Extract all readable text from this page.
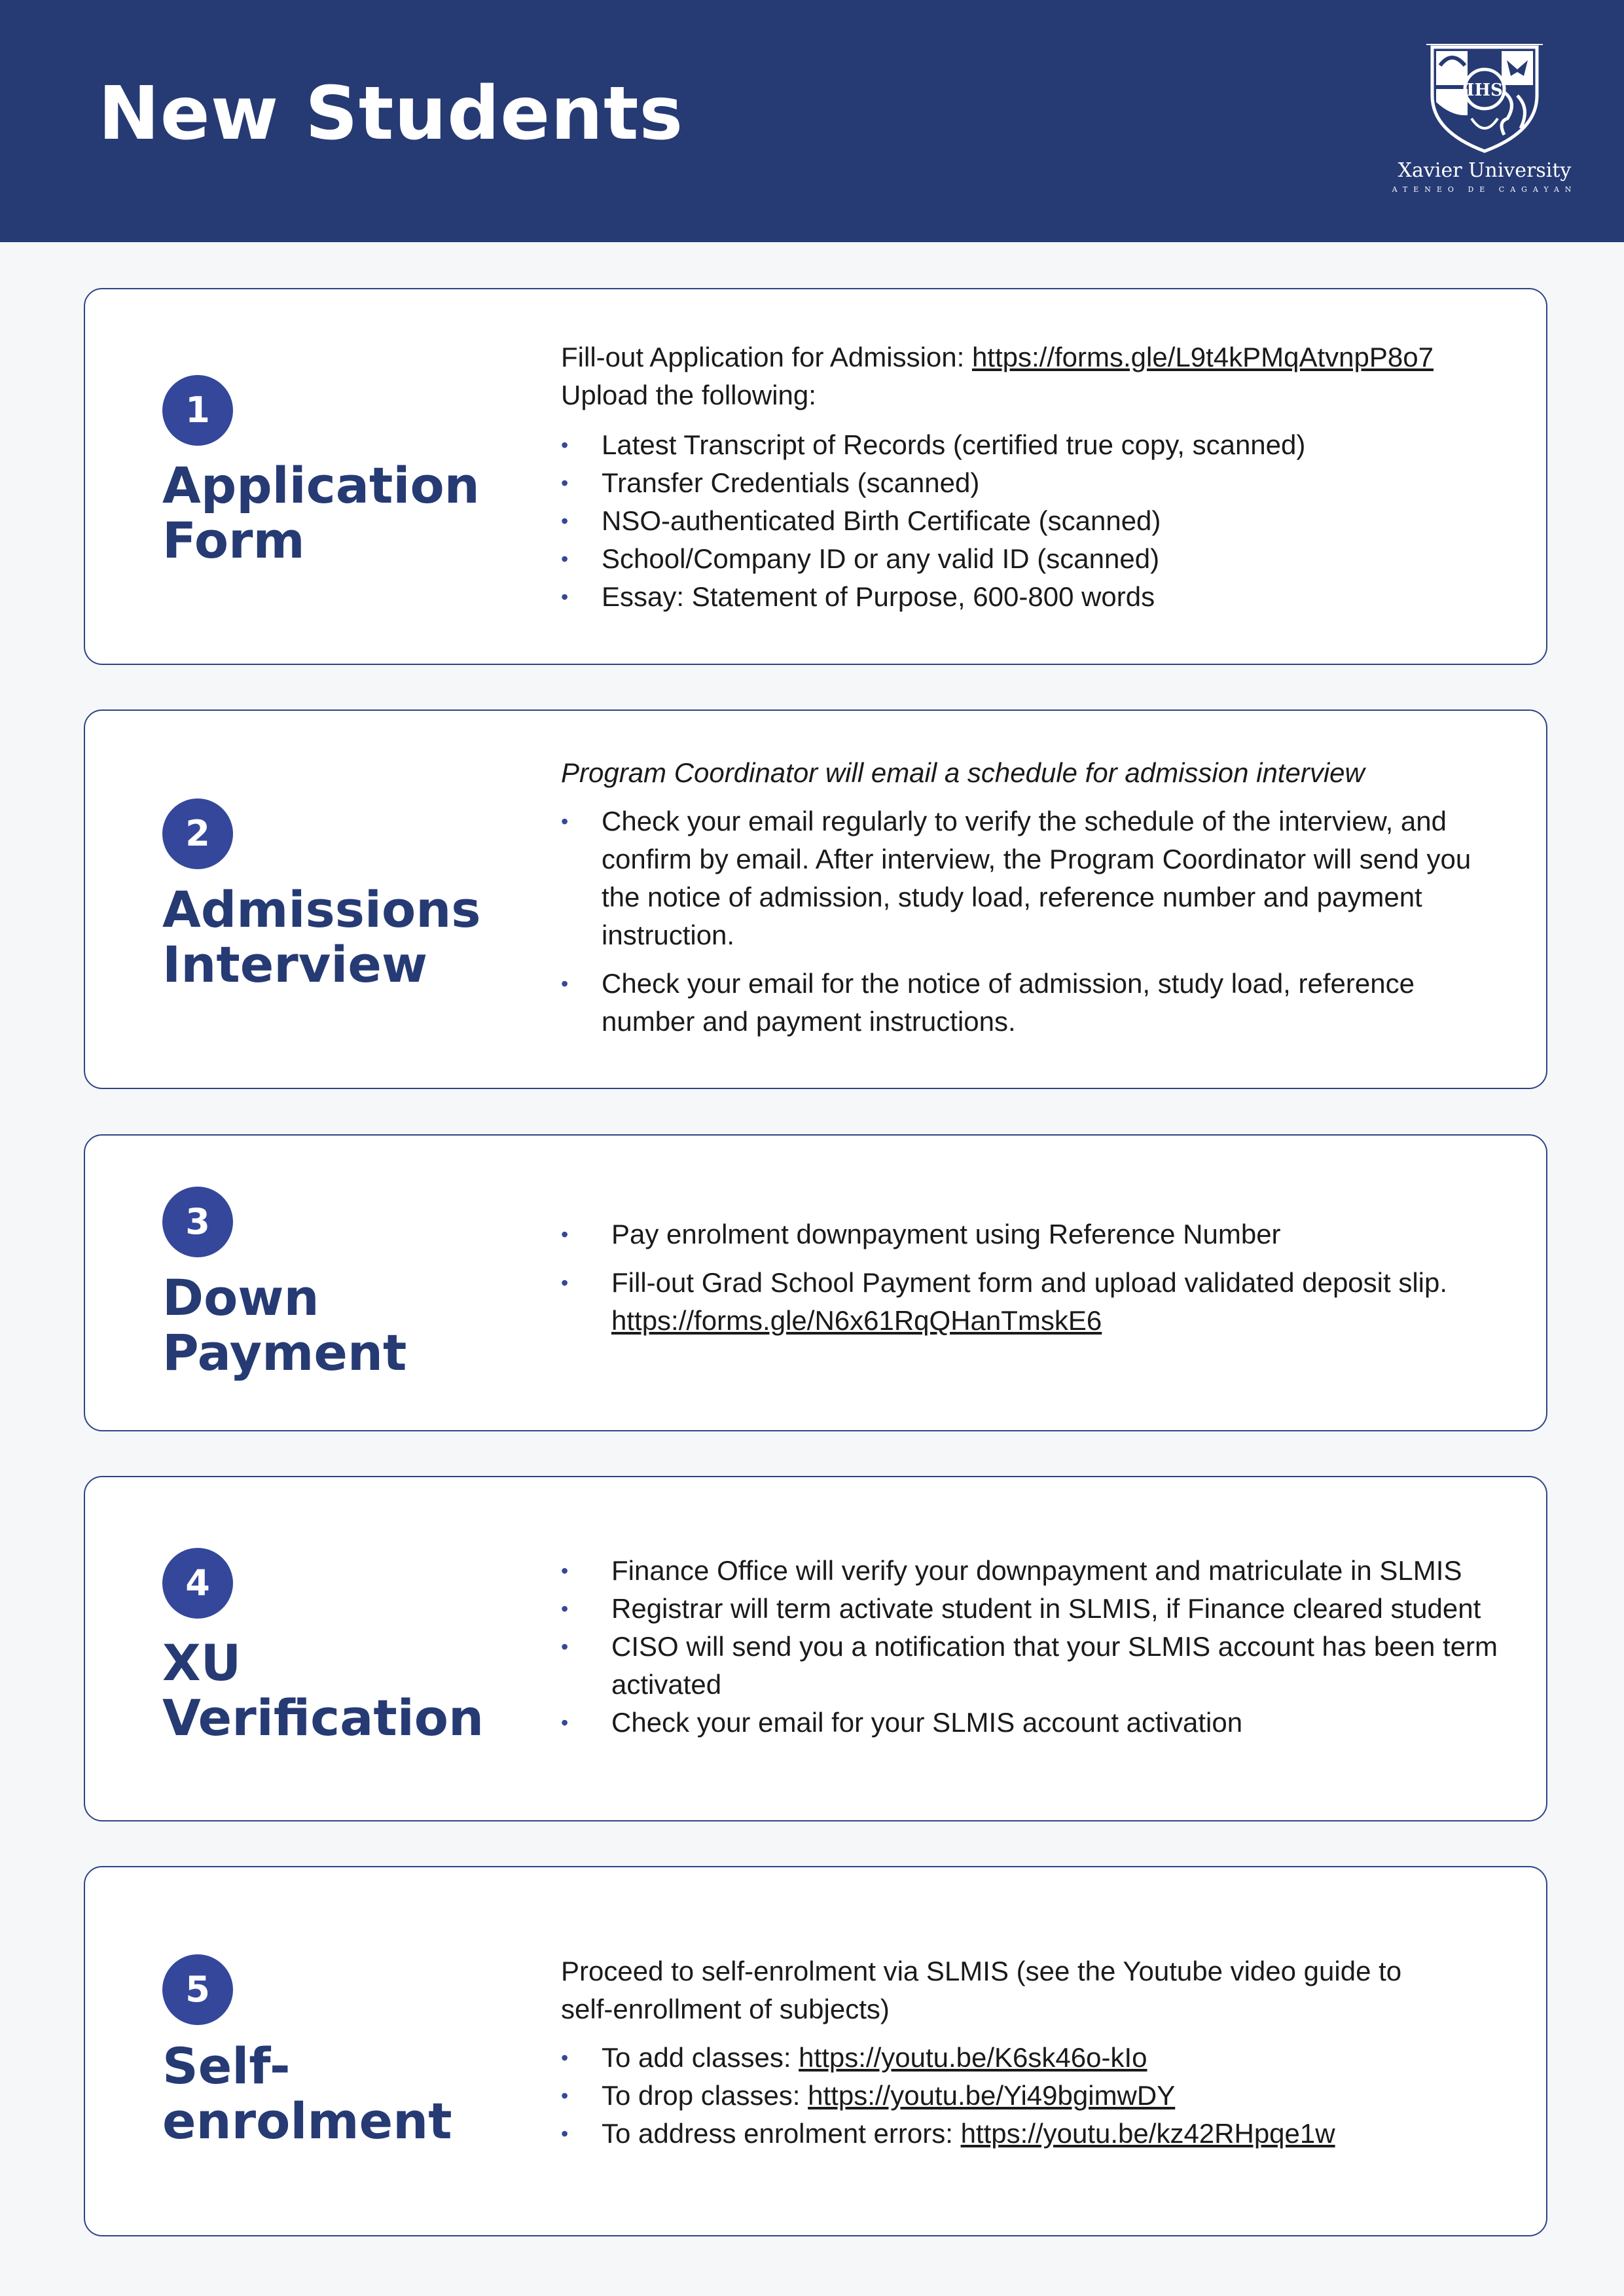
New Students	IHS
Xavier University
ATENEO DE CAGAYAN
1
Application
Form

Fill-out Application for Admission: https://forms.gle/L9t4kPMqAtvnpP8o7

Upload the following:

• Latest Transcript of Records (certified true copy, scanned)
• Transfer Credentials (scanned)
• NSO-authenticated Birth Certificate (scanned)
• School/Company ID or any valid ID (scanned)
• Essay: Statement of Purpose, 600-800 words
2
Admissions
Interview

Program Coordinator will email a schedule for admission interview

• Check your email regularly to verify the schedule of the interview, and confirm by email. After interview, the Program Coordinator will send you the notice of admission, study load, reference number and payment instruction.
• Check your email for the notice of admission, study load, reference number and payment instructions.
3
Down
Payment
• Pay enrolment downpayment using Reference Number
• Fill-out Grad School Payment form and upload validated deposit slip.
https://forms.gle/N6x61RqQHanTmskE6
4
XU
Verification
• Finance Office will verify your downpayment and matriculate in SLMIS
• Registrar will term activate student in SLMIS, if Finance cleared student
• CISO will send you a notification that your SLMIS account has been term activated
• Check your email for your SLMIS account activation
5
Self-
enrolment

Proceed to self-enrolment via SLMIS (see the Youtube video guide to self-enrollment of subjects)

• To add classes: https://youtu.be/K6sk46o-kIo
• To drop classes: https://youtu.be/Yi49bgimwDY
• To address enrolment errors: https://youtu.be/kz42RHpqe1w
